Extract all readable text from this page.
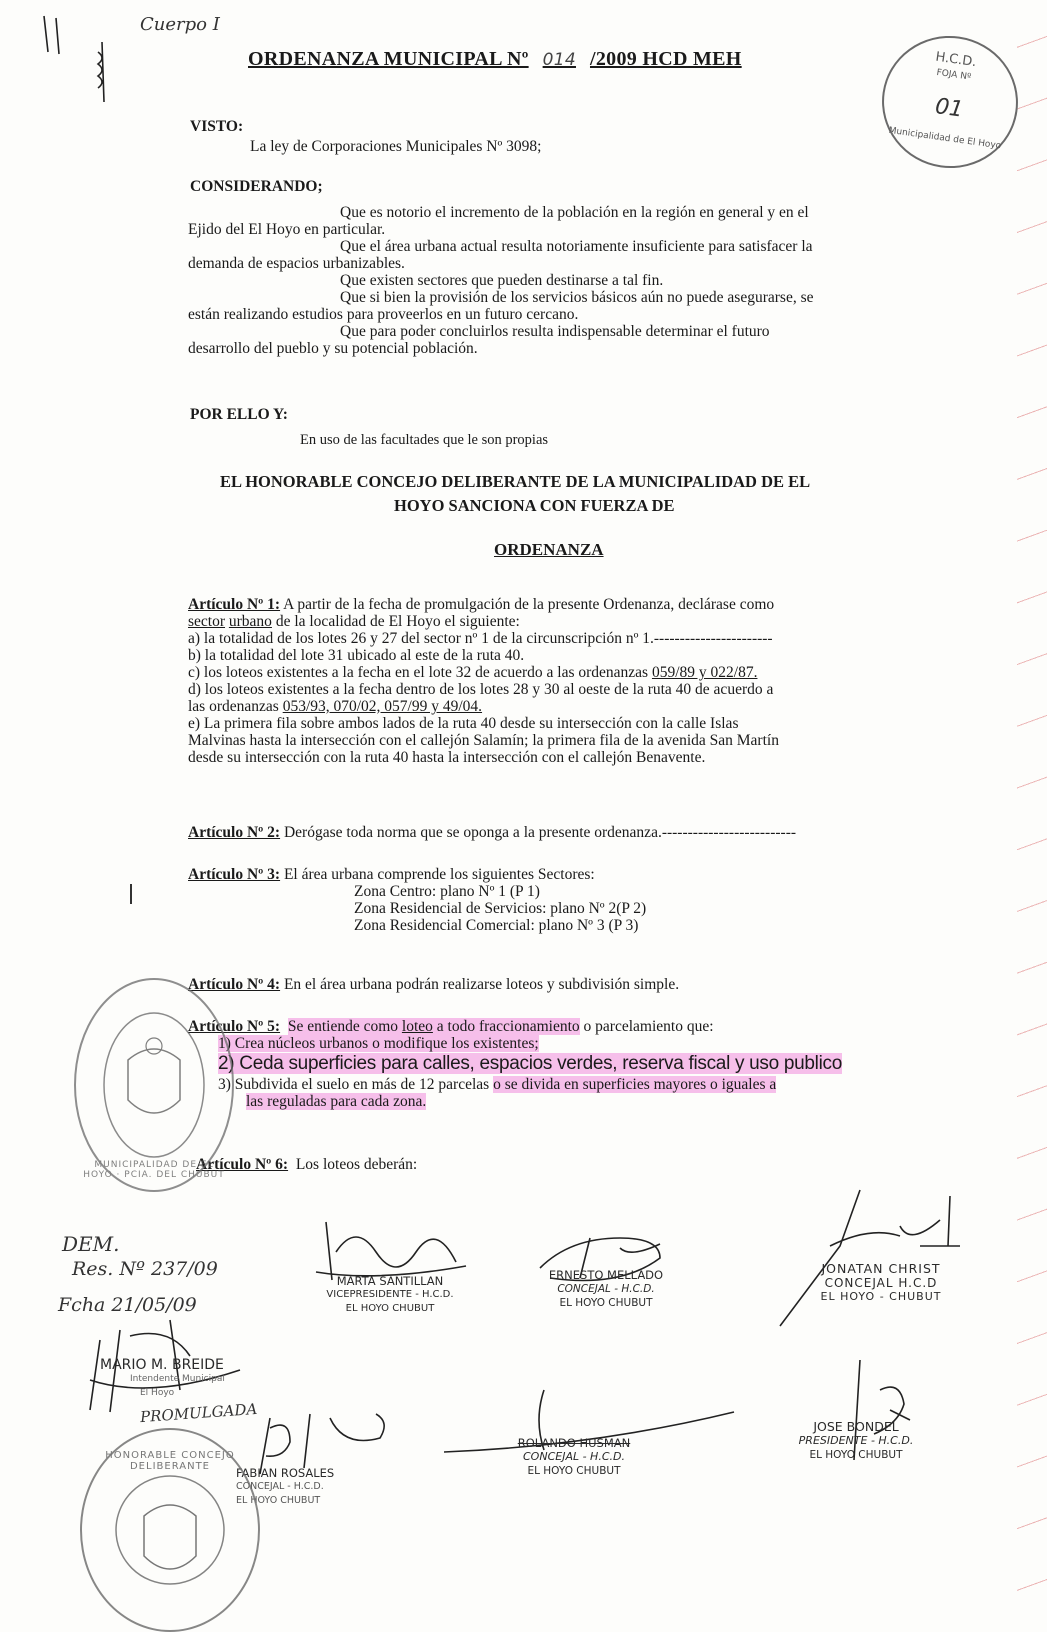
Cuerpo I
ORDENANZA MUNICIPAL Nº 014 /2009 HCD MEH	H.C.D.
FOJA Nº
01
Municipalidad de El Hoyo
VISTO:
La ley de Corporaciones Municipales Nº 3098;
CONSIDERANDO;
Que es notorio el incremento de la población en la región en general y en el
Ejido del El Hoyo en particular.
Que el área urbana actual resulta notoriamente insuficiente para satisfacer la
demanda de espacios urbanizables.
Que existen sectores que pueden destinarse a tal fin.
Que si bien la provisión de los servicios básicos aún no puede asegurarse, se
están realizando estudios para proveerlos en un futuro cercano.
Que para poder concluirlos resulta indispensable determinar el futuro
desarrollo del pueblo y su potencial población.
POR ELLO Y:
En uso de las facultades que le son propias
EL HONORABLE CONCEJO DELIBERANTE DE LA MUNICIPALIDAD DE EL
HOYO SANCIONA CON FUERZA DE
ORDENANZA
Artículo Nº 1: A partir de la fecha de promulgación de la presente Ordenanza, declárase como
sector urbano de la localidad de El Hoyo el siguiente:
a) la totalidad de los lotes 26 y 27 del sector nº 1 de la circunscripción nº 1.-----------------------
b) la totalidad del lote 31 ubicado al este de la ruta 40.
c) los loteos existentes a la fecha en el lote 32 de acuerdo a las ordenanzas 059/89 y 022/87.
d) los loteos existentes a la fecha dentro de los lotes 28 y 30 al oeste de la ruta 40 de acuerdo a
las ordenanzas 053/93, 070/02, 057/99 y 49/04.
e) La primera fila sobre ambos lados de la ruta 40 desde su intersección con la calle Islas
Malvinas hasta la intersección con el callejón Salamín; la primera fila de la avenida San Martín
desde su intersección con la ruta 40 hasta la intersección con el callejón Benavente.
Artículo Nº 2: Derógase toda norma que se oponga a la presente ordenanza.--------------------------
Artículo Nº 3: El área urbana comprende los siguientes Sectores:
Zona Centro: plano Nº 1 (P 1)
Zona Residencial de Servicios: plano Nº 2(P 2)
Zona Residencial Comercial: plano Nº 3 (P 3)
Artículo Nº 4: En el área urbana podrán realizarse loteos y subdivisión simple.
Artículo Nº 5: Se entiende como loteo a todo fraccionamiento o parcelamiento que:
1) Crea núcleos urbanos o modifique los existentes;
2) Ceda superficies para calles, espacios verdes, reserva fiscal y uso publico
3) Subdivida el suelo en más de 12 parcelas o se divida en superficies mayores o iguales a
las reguladas para cada zona.
Artículo Nº 6: Los loteos deberán:
MUNICIPALIDAD DE EL HOYO · PCIA. DEL CHUBUT
DEM.
Res. Nº 237/09
Fcha 21/05/09
PROMULGADA
MARIO M. BREIDE
Intendente Municipal
El Hoyo
MARTA SANTILLAN
VICEPRESIDENTE - H.C.D.
EL HOYO CHUBUT
ERNESTO MELLADO
CONCEJAL - H.C.D.
EL HOYO CHUBUT
JONATAN CHRIST
CONCEJAL H.C.D
EL HOYO - CHUBUT
FABIAN ROSALES
CONCEJAL - H.C.D.
EL HOYO CHUBUT
ROLANDO HUSMAN
CONCEJAL - H.C.D.
EL HOYO CHUBUT
JOSE BONDEL
PRESIDENTE - H.C.D.
EL HOYO CHUBUT
HONORABLE CONCEJO DELIBERANTE
